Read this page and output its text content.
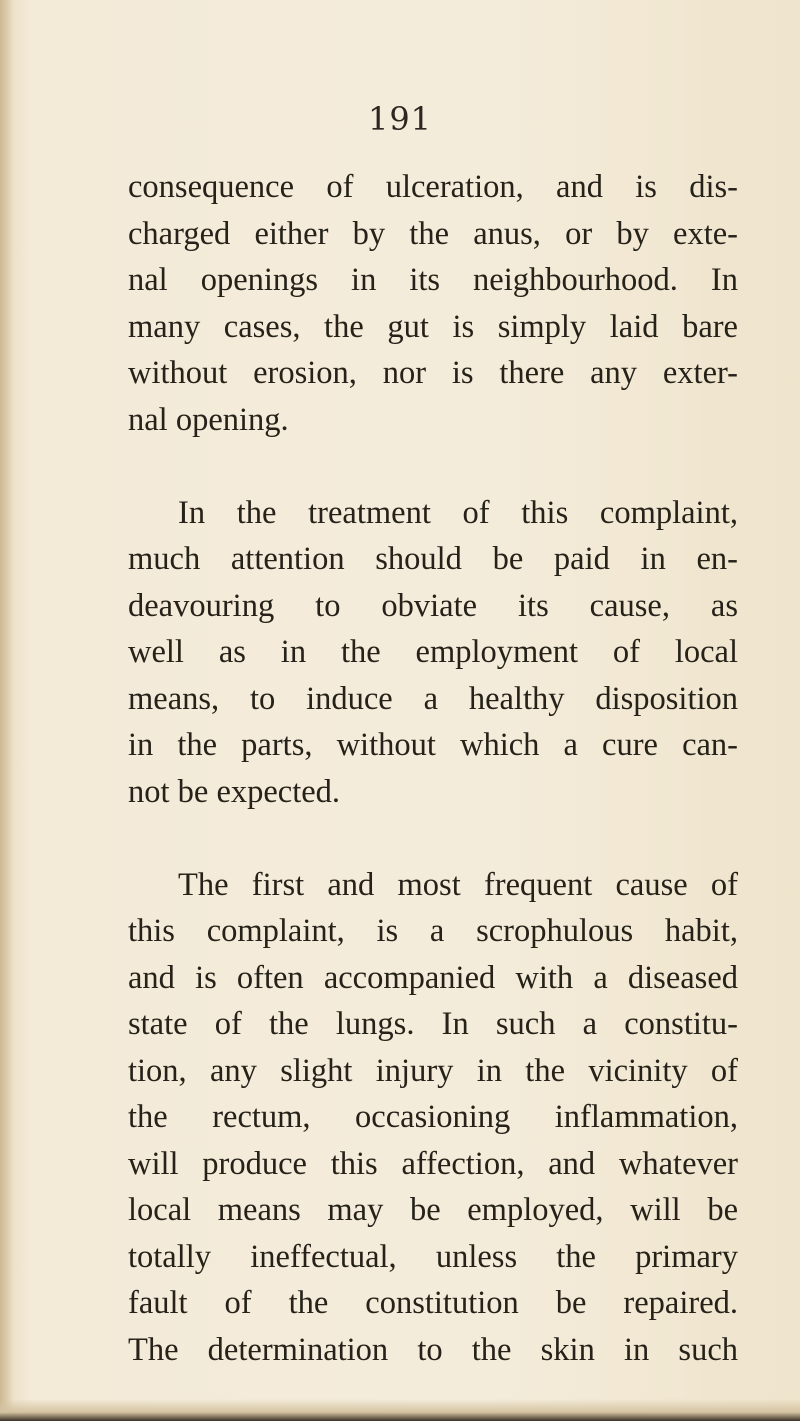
191

consequence of ulceration, and is dis-
charged either by the anus, or by exte-
nal openings in its neighbourhood. In
many cases, the gut is simply laid bare
without erosion, nor is there any exter-
nal opening.

In the treatment of this complaint,
much attention should be paid in en-
deavouring to obviate its cause, as
well as in the employment of local
means, to induce a healthy disposition
in the parts, without which a cure can-
not be expected.

The first and most frequent cause of
this complaint, is a scrophulous habit,
and is often accompanied with a diseased
state of the lungs. In such a constitu-
tion, any slight injury in the vicinity of
the rectum, occasioning inflammation,
will produce this affection, and whatever
local means may be employed, will be
totally ineffectual, unless the primary
fault of the constitution be repaired.
The determination to the skin in such
